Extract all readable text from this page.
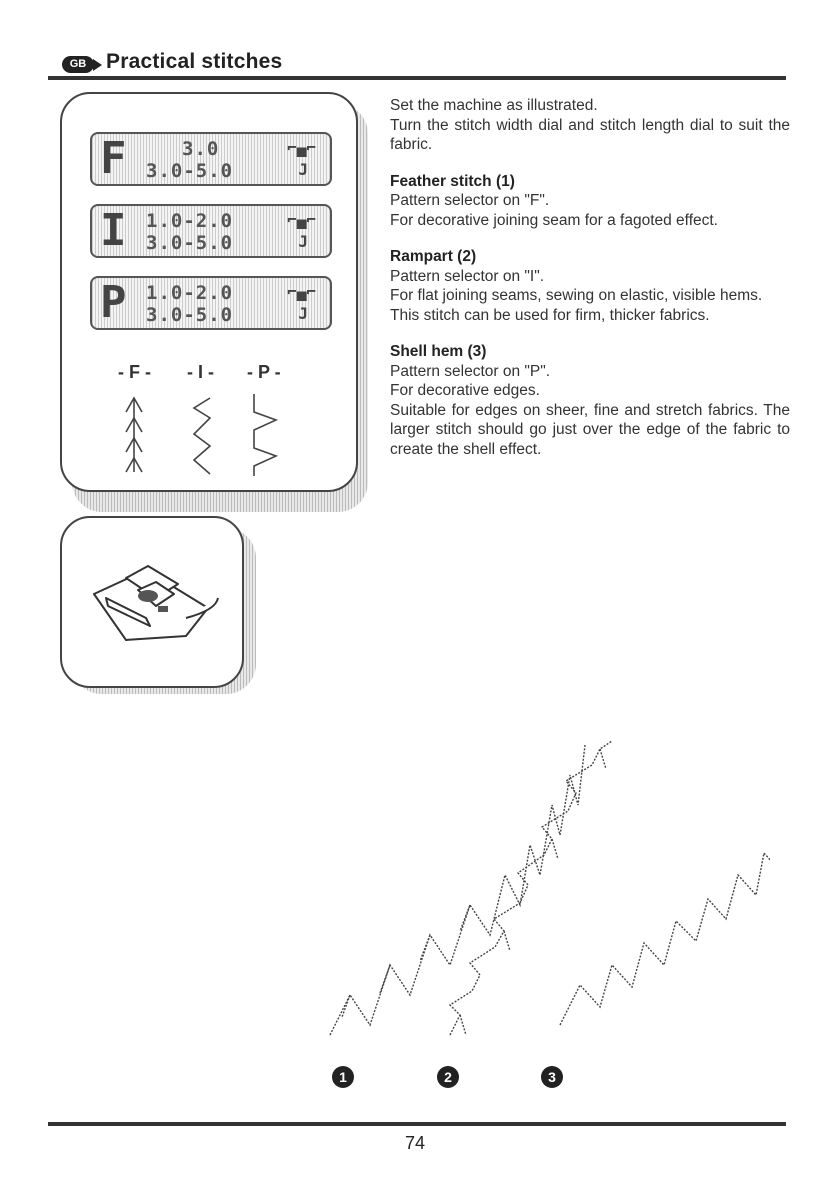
GB Practical stitches
F	3.0
3.0-5.0
⌐▄⌐
J
I 1.0-2.0
3.0-5.0
⌐▄⌐
J
P 1.0-2.0
3.0-5.0
⌐▄⌐
J
- F - - I - - P -

Set the machine as illustrated.

Turn the stitch width dial and stitch length dial to suit the fabric.

Feather stitch (1)

Pattern selector on "F".

For decorative joining seam for a fagoted effect.

Rampart (2)

Pattern selector on "I".

For flat joining seams, sewing on elastic, visible hems.

This stitch can be used for firm, thicker fabrics.

Shell hem (3)

Pattern selector on "P".

For decorative edges.

Suitable for edges on sheer, fine and stretch fabrics. The larger stitch should go just over the edge of the fabric to create the shell effect.

1	2	3
74
